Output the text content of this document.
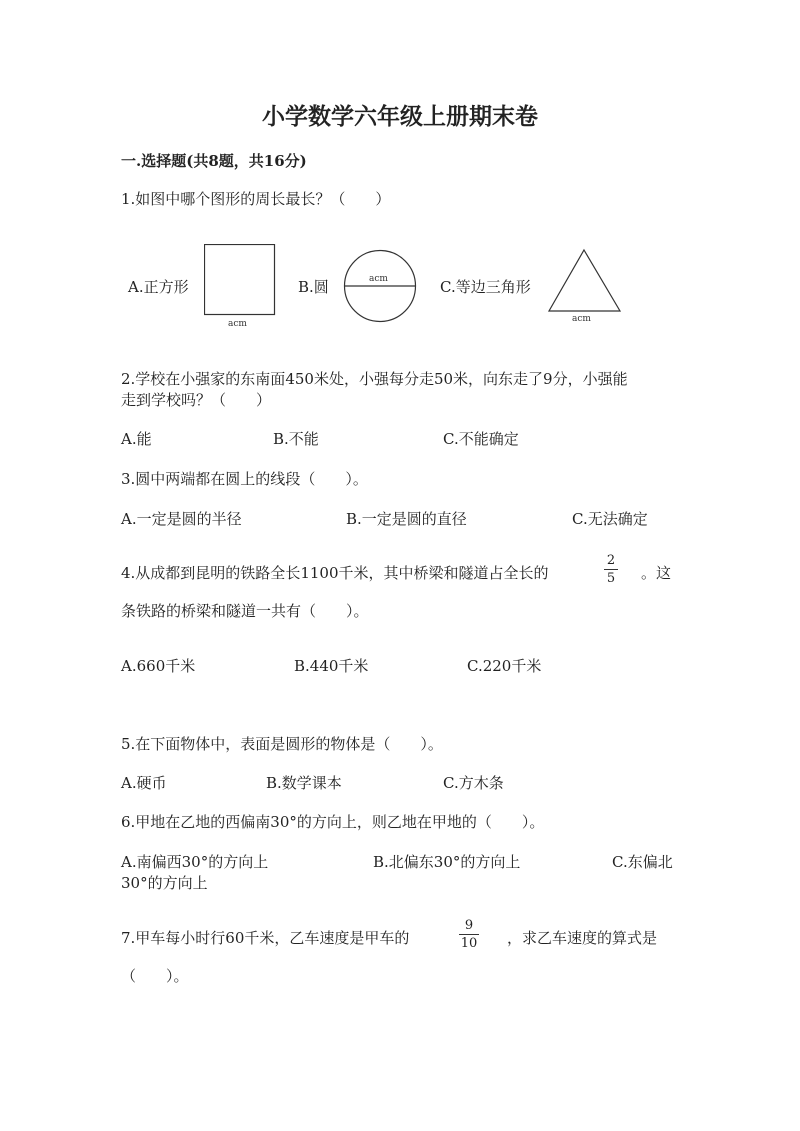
小学数学六年级上册期末卷
一.选择题(共8题，共16分)
1.如图中哪个图形的周长最长？（　　）
A.正方形
acm
B.圆	acm	C.等边三角形
acm
2.学校在小强家的东南面450米处，小强每分走50米，向东走了9分，小强能
走到学校吗？（　　）
A.能	B.不能	C.不能确定
3.圆中两端都在圆上的线段（　　）。
A.一定是圆的半径	B.一定是圆的直径	C.无法确定
4.从成都到昆明的铁路全长1100千米，其中桥梁和隧道占全长的
2
5 。这
条铁路的桥梁和隧道一共有（　　）。
A.660千米	B.440千米	C.220千米
5.在下面物体中，表面是圆形的物体是（　　）。
A.硬币	B.数学课本	C.方木条
6.甲地在乙地的西偏南30°的方向上，则乙地在甲地的（　　）。
A.南偏西30°的方向上	B.北偏东30°的方向上	C.东偏北
30°的方向上
7.甲车每小时行60千米，乙车速度是甲车的
9
10 ，求乙车速度的算式是
（　　）。
